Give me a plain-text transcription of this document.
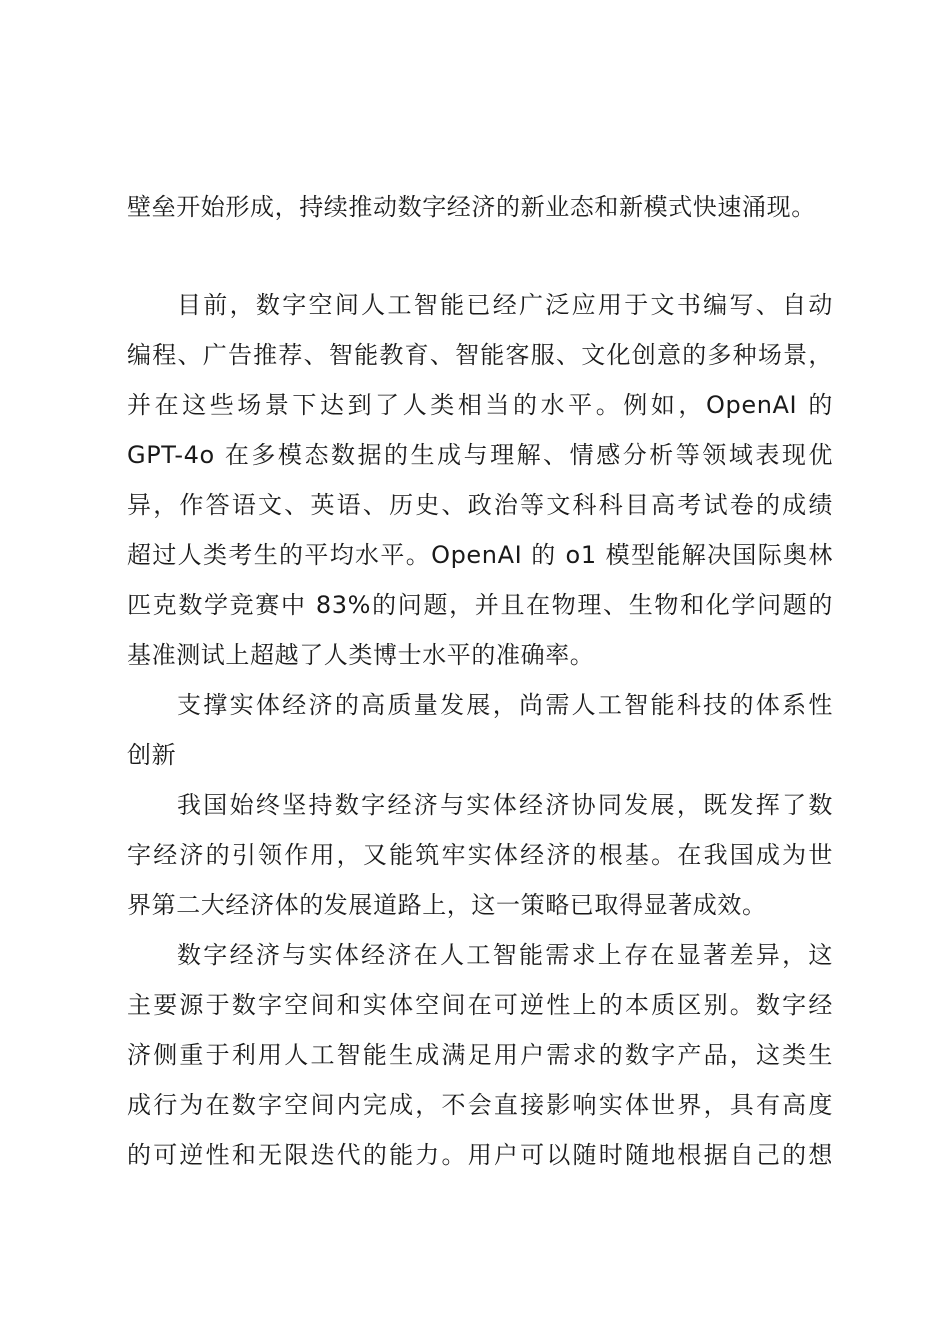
壁垒开始形成，持续推动数字经济的新业态和新模式快速涌现。
目前，数字空间人工智能已经广泛应用于文书编写、自动
编程、广告推荐、智能教育、智能客服、文化创意的多种场景，
并在这些场景下达到了人类相当的水平。例如，OpenAI 的
GPT-4o 在多模态数据的生成与理解、情感分析等领域表现优
异，作答语文、英语、历史、政治等文科科目高考试卷的成绩
超过人类考生的平均水平。OpenAI 的 o1 模型能解决国际奥林
匹克数学竞赛中 83%的问题，并且在物理、生物和化学问题的
基准测试上超越了人类博士水平的准确率。
支撑实体经济的高质量发展，尚需人工智能科技的体系性
创新
我国始终坚持数字经济与实体经济协同发展，既发挥了数
字经济的引领作用，又能筑牢实体经济的根基。在我国成为世
界第二大经济体的发展道路上，这一策略已取得显著成效。
数字经济与实体经济在人工智能需求上存在显著差异，这
主要源于数字空间和实体空间在可逆性上的本质区别。数字经
济侧重于利用人工智能生成满足用户需求的数字产品，这类生
成行为在数字空间内完成，不会直接影响实体世界，具有高度
的可逆性和无限迭代的能力。用户可以随时随地根据自己的想
